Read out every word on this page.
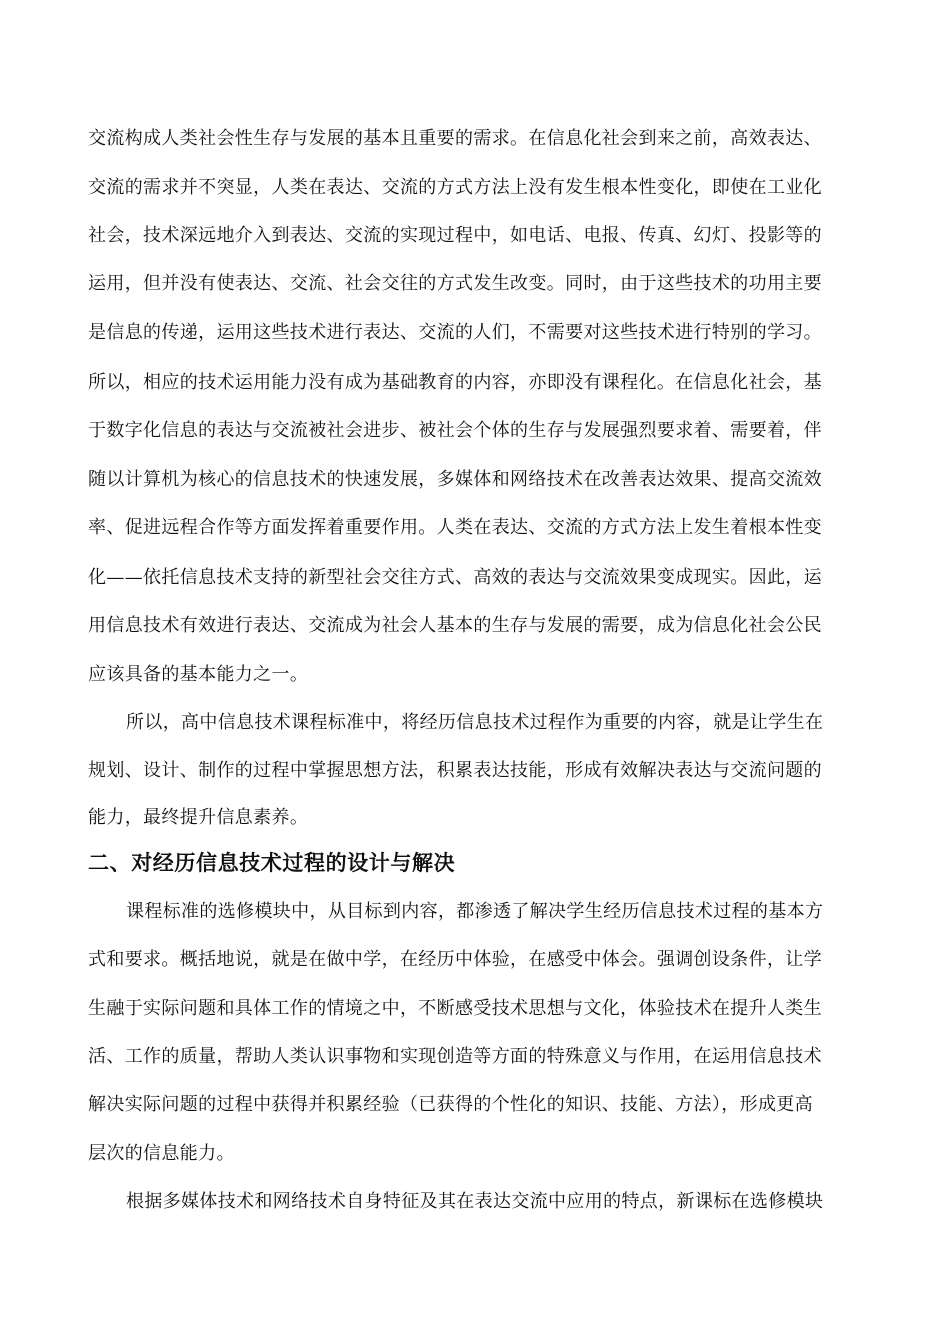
交流构成人类社会性生存与发展的基本且重要的需求。在信息化社会到来之前，高效表达、
交流的需求并不突显，人类在表达、交流的方式方法上没有发生根本性变化，即使在工业化
社会，技术深远地介入到表达、交流的实现过程中，如电话、电报、传真、幻灯、投影等的
运用，但并没有使表达、交流、社会交往的方式发生改变。同时，由于这些技术的功用主要
是信息的传递，运用这些技术进行表达、交流的人们，不需要对这些技术进行特别的学习。
所以，相应的技术运用能力没有成为基础教育的内容，亦即没有课程化。在信息化社会，基
于数字化信息的表达与交流被社会进步、被社会个体的生存与发展强烈要求着、需要着，伴
随以计算机为核心的信息技术的快速发展，多媒体和网络技术在改善表达效果、提高交流效
率、促进远程合作等方面发挥着重要作用。人类在表达、交流的方式方法上发生着根本性变
化——依托信息技术支持的新型社会交往方式、高效的表达与交流效果变成现实。因此，运
用信息技术有效进行表达、交流成为社会人基本的生存与发展的需要，成为信息化社会公民
应该具备的基本能力之一。
所以，高中信息技术课程标准中，将经历信息技术过程作为重要的内容，就是让学生在
规划、设计、制作的过程中掌握思想方法，积累表达技能，形成有效解决表达与交流问题的
能力，最终提升信息素养。
二、对经历信息技术过程的设计与解决
课程标准的选修模块中，从目标到内容，都渗透了解决学生经历信息技术过程的基本方
式和要求。概括地说，就是在做中学，在经历中体验，在感受中体会。强调创设条件，让学
生融于实际问题和具体工作的情境之中，不断感受技术思想与文化，体验技术在提升人类生
活、工作的质量，帮助人类认识事物和实现创造等方面的特殊意义与作用，在运用信息技术
解决实际问题的过程中获得并积累经验（已获得的个性化的知识、技能、方法），形成更高
层次的信息能力。
根据多媒体技术和网络技术自身特征及其在表达交流中应用的特点，新课标在选修模块
